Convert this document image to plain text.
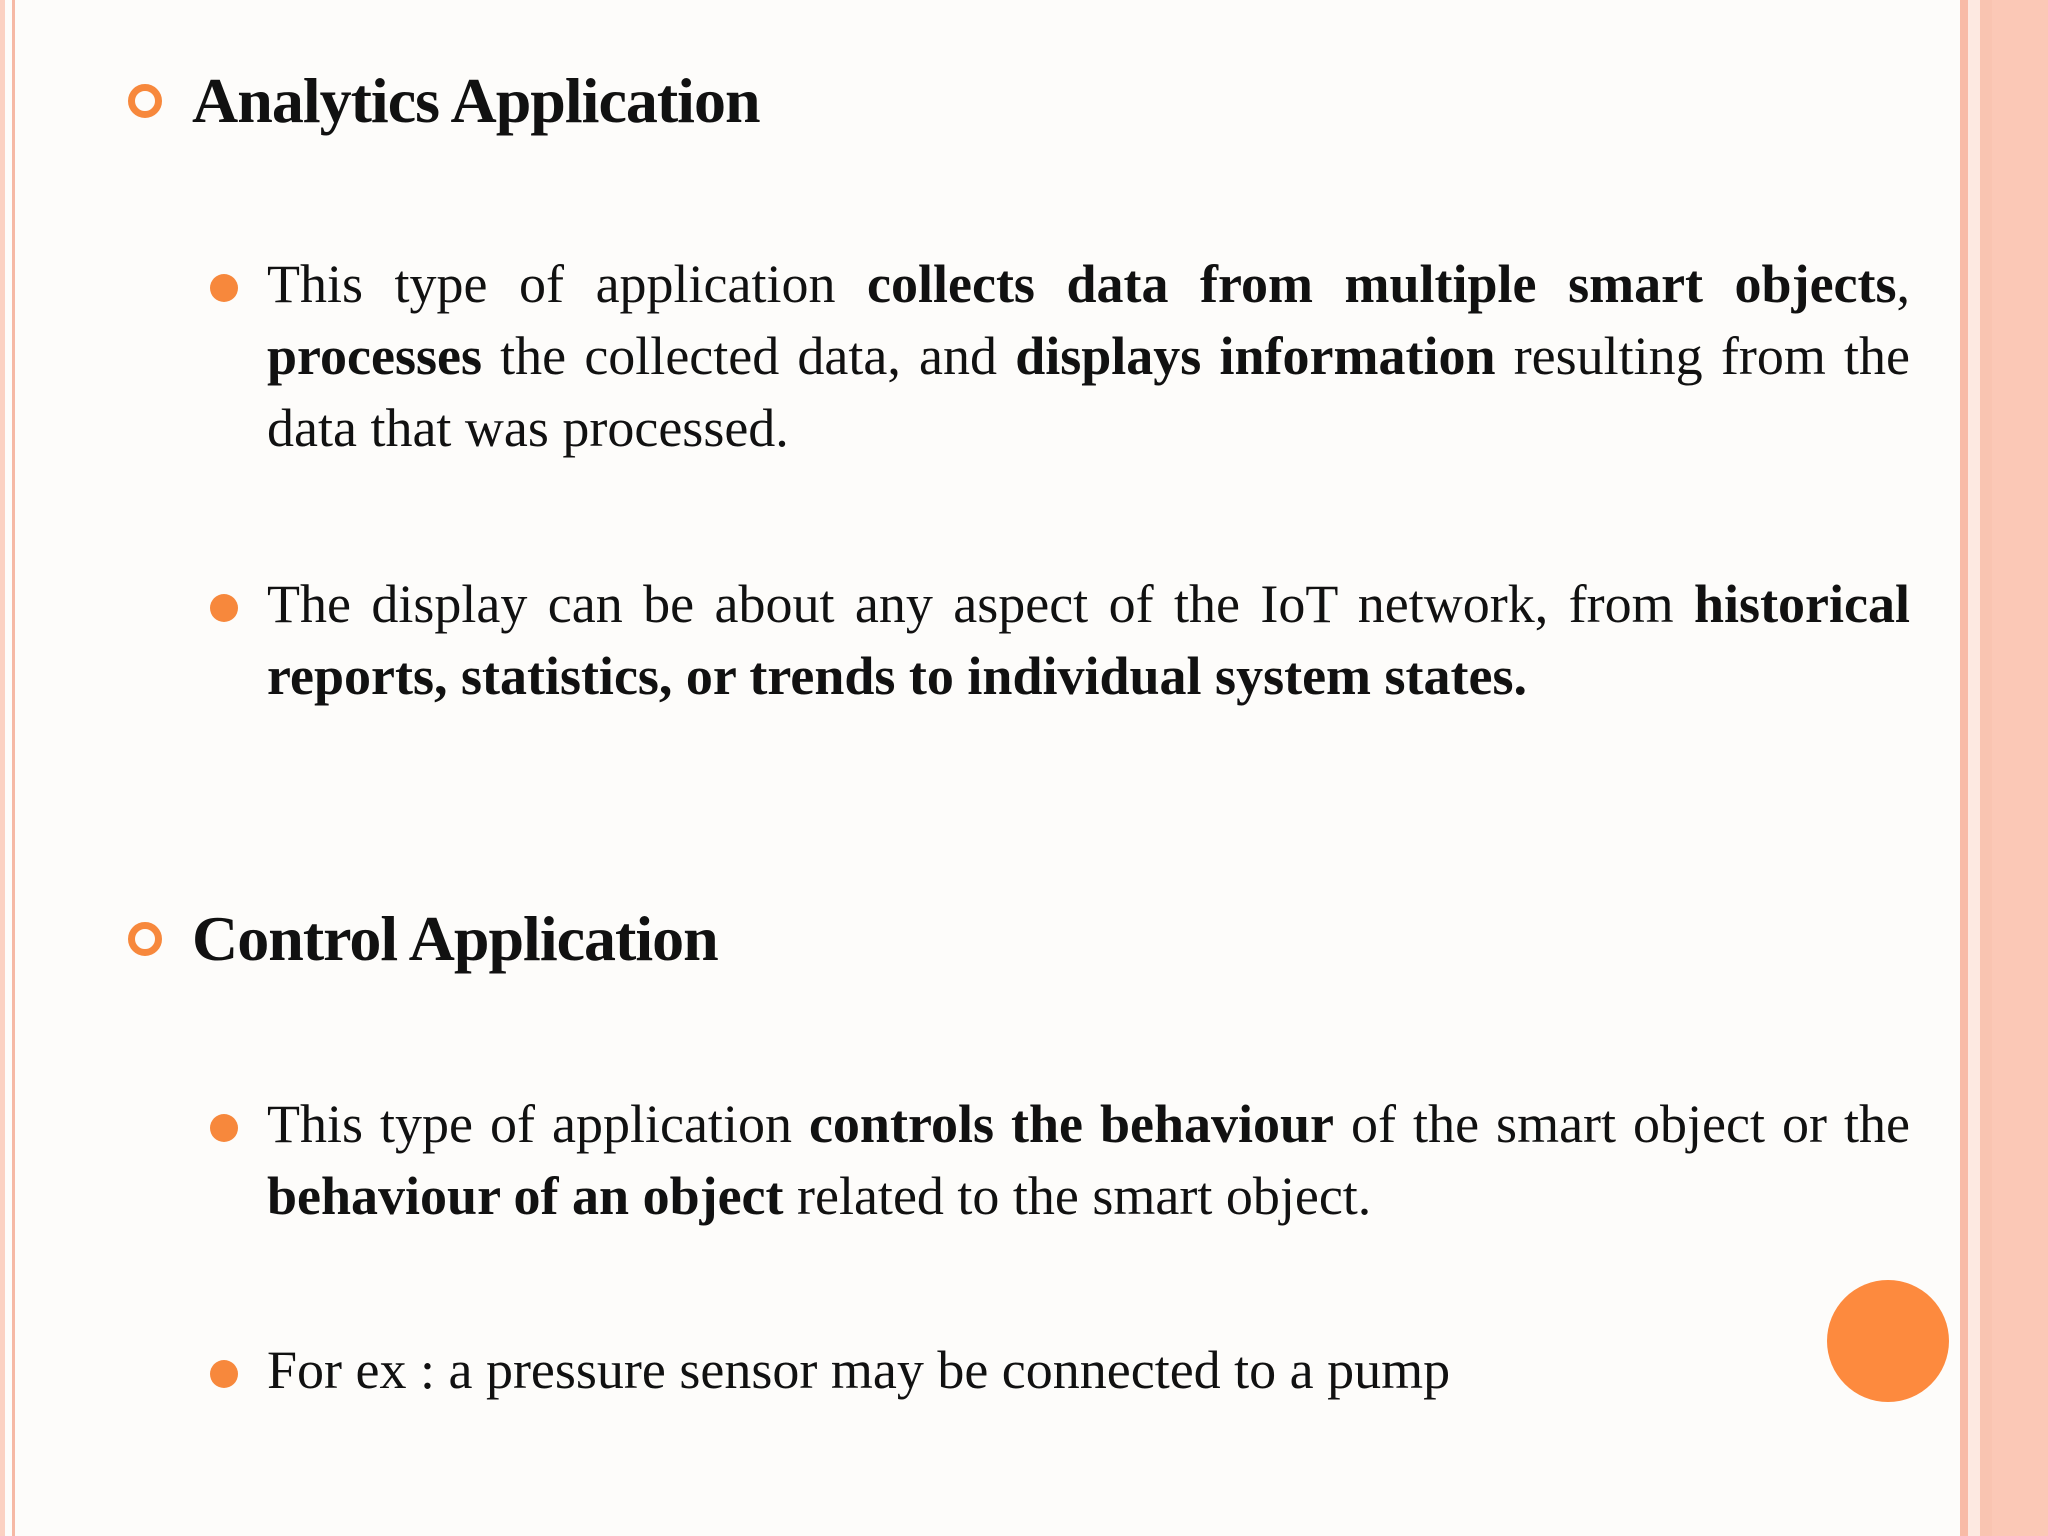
Analytics Application
This type of application collects data from multiple smart objects, processes the collected data, and displays information resulting from the data that was processed.
The display can be about any aspect of the IoT network, from historical reports, statistics, or trends to individual system states.
Control Application
This type of application controls the behaviour of the smart object or the behaviour of an object related to the smart object.
For ex : a pressure sensor may be connected to a pump
